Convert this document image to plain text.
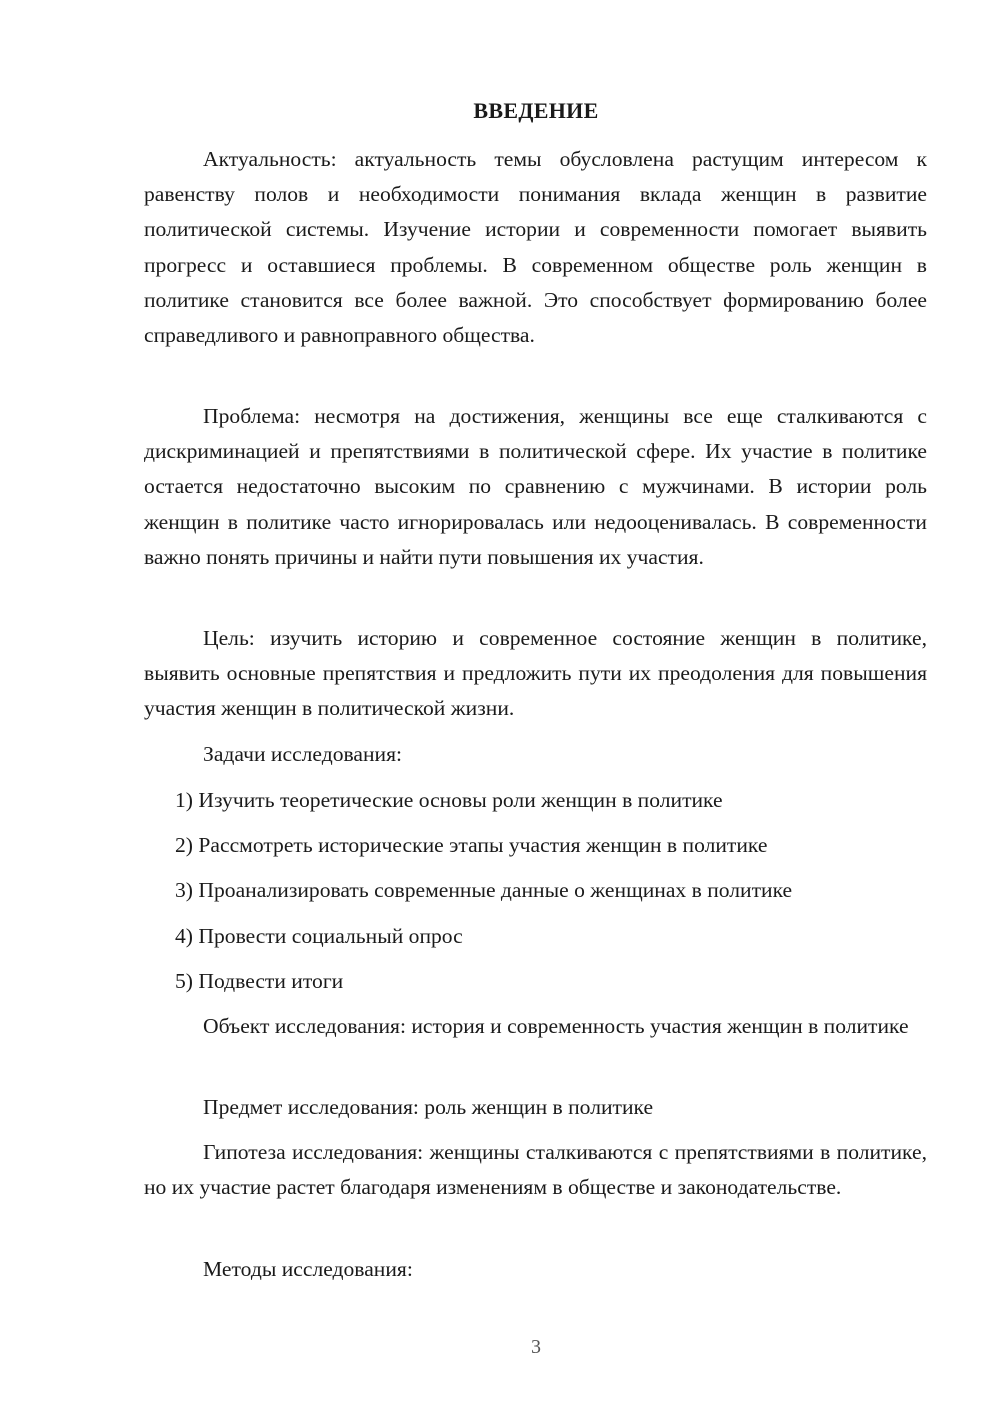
ВВЕДЕНИЕ

Актуальность: актуальность темы обусловлена растущим интересом к равенству полов и необходимости понимания вклада женщин в развитие политической системы. Изучение истории и современности помогает выявить прогресс и оставшиеся проблемы. В современном обществе роль женщин в политике становится все более важной. Это способствует формированию более справедливого и равноправного общества.

Проблема: несмотря на достижения, женщины все еще сталкиваются с дискриминацией и препятствиями в политической сфере. Их участие в политике остается недостаточно высоким по сравнению с мужчинами. В истории роль женщин в политике часто игнорировалась или недооценивалась. В современности важно понять причины и найти пути повышения их участия.

Цель: изучить историю и современное состояние женщин в политике, выявить основные препятствия и предложить пути их преодоления для повышения участия женщин в политической жизни.

Задачи исследования:
1) Изучить теоретические основы роли женщин в политике
2) Рассмотреть исторические этапы участия женщин в политике
3) Проанализировать современные данные о женщинах в политике
4) Провести социальный опрос
5) Подвести итоги

Объект исследования: история и современность участия женщин в политике

Предмет исследования: роль женщин в политике

Гипотеза исследования: женщины сталкиваются с препятствиями в политике, но их участие растет благодаря изменениям в обществе и законодательстве.

Методы исследования:
3
